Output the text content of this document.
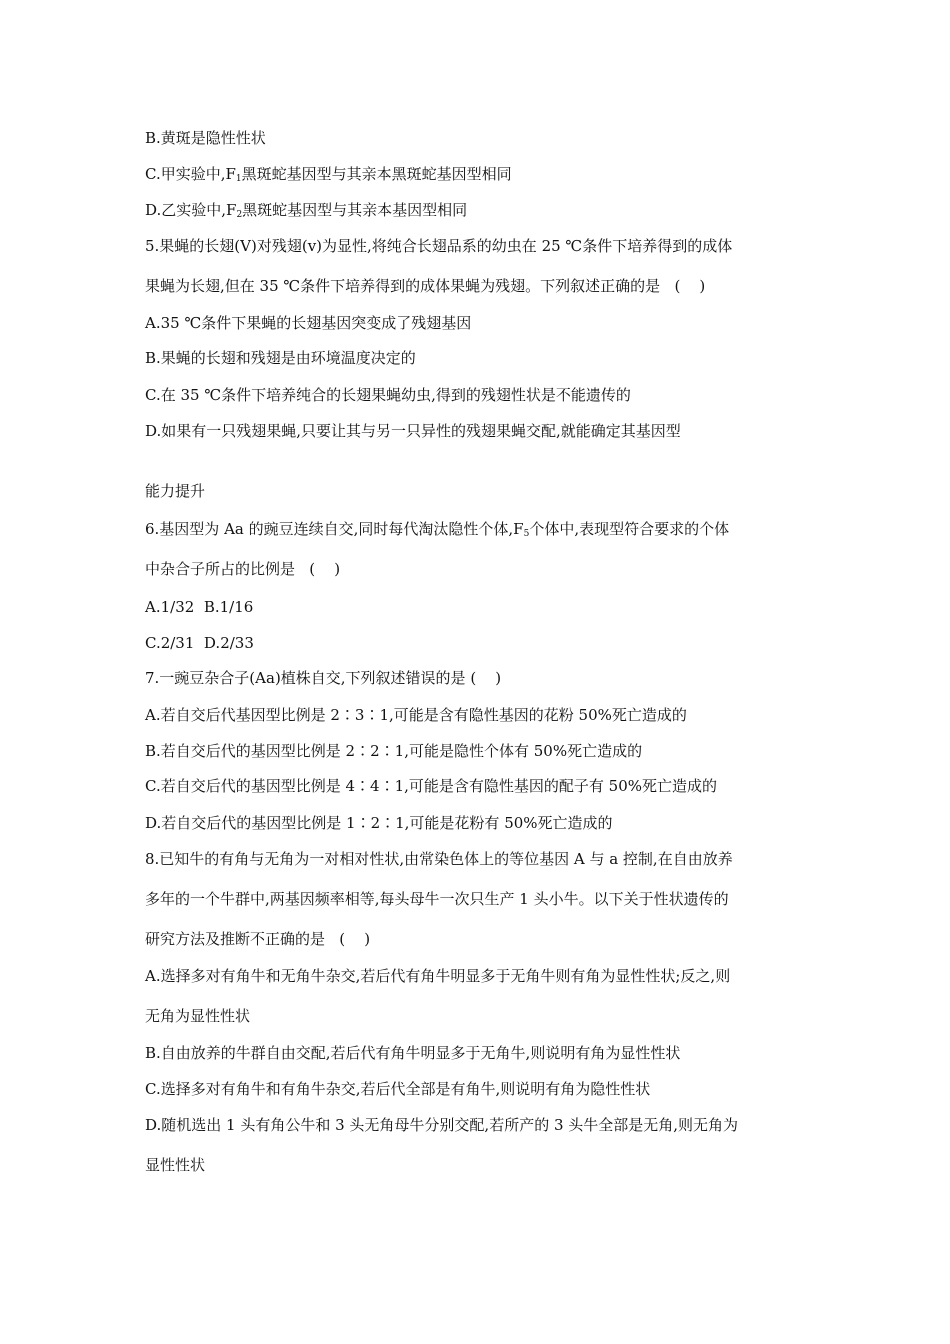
B.黄斑是隐性性状
C.甲实验中$,F_1$黑斑蛇基因型与其亲本黑斑蛇基因型相同
D.乙实验中$,F_2$黑斑蛇基因型与其亲本基因型相同
5.果蝇的长翅(V)对残翅(v)为显性,将纯合长翅品系的幼虫在 25 ℃条件下培养得到的成体
果蝇为长翅,但在 35 ℃条件下培养得到的成体果蝇为残翅。下列叙述正确的是   (    )
A.35 ℃条件下果蝇的长翅基因突变成了残翅基因
B.果蝇的长翅和残翅是由环境温度决定的
C.在 35 ℃条件下培养纯合的长翅果蝇幼虫,得到的残翅性状是不能遗传的
D.如果有一只残翅果蝇,只要让其与另一只异性的残翅果蝇交配,就能确定其基因型
能力提升
6.基因型为 Aa 的豌豆连续自交,同时每代淘汰隐性个体$,F_5$个体中,表现型符合要求的个体
中杂合子所占的比例是   (    )
A.1/32  B.1/16
C.2/31  D.2/33
7.一豌豆杂合子(Aa)植株自交,下列叙述错误的是 (    )
A.若自交后代基因型比例是 2∶3∶1,可能是含有隐性基因的花粉 50%死亡造成的
B.若自交后代的基因型比例是 2∶2∶1,可能是隐性个体有 50%死亡造成的
C.若自交后代的基因型比例是 4∶4∶1,可能是含有隐性基因的配子有 50%死亡造成的
D.若自交后代的基因型比例是 1∶2∶1,可能是花粉有 50%死亡造成的
8.已知牛的有角与无角为一对相对性状,由常染色体上的等位基因 A 与 a 控制,在自由放养
多年的一个牛群中,两基因频率相等,每头母牛一次只生产 1 头小牛。以下关于性状遗传的
研究方法及推断不正确的是   (    )
A.选择多对有角牛和无角牛杂交,若后代有角牛明显多于无角牛则有角为显性性状;反之,则
无角为显性性状
B.自由放养的牛群自由交配,若后代有角牛明显多于无角牛,则说明有角为显性性状
C.选择多对有角牛和有角牛杂交,若后代全部是有角牛,则说明有角为隐性性状
D.随机选出 1 头有角公牛和 3 头无角母牛分别交配,若所产的 3 头牛全部是无角,则无角为
显性性状
